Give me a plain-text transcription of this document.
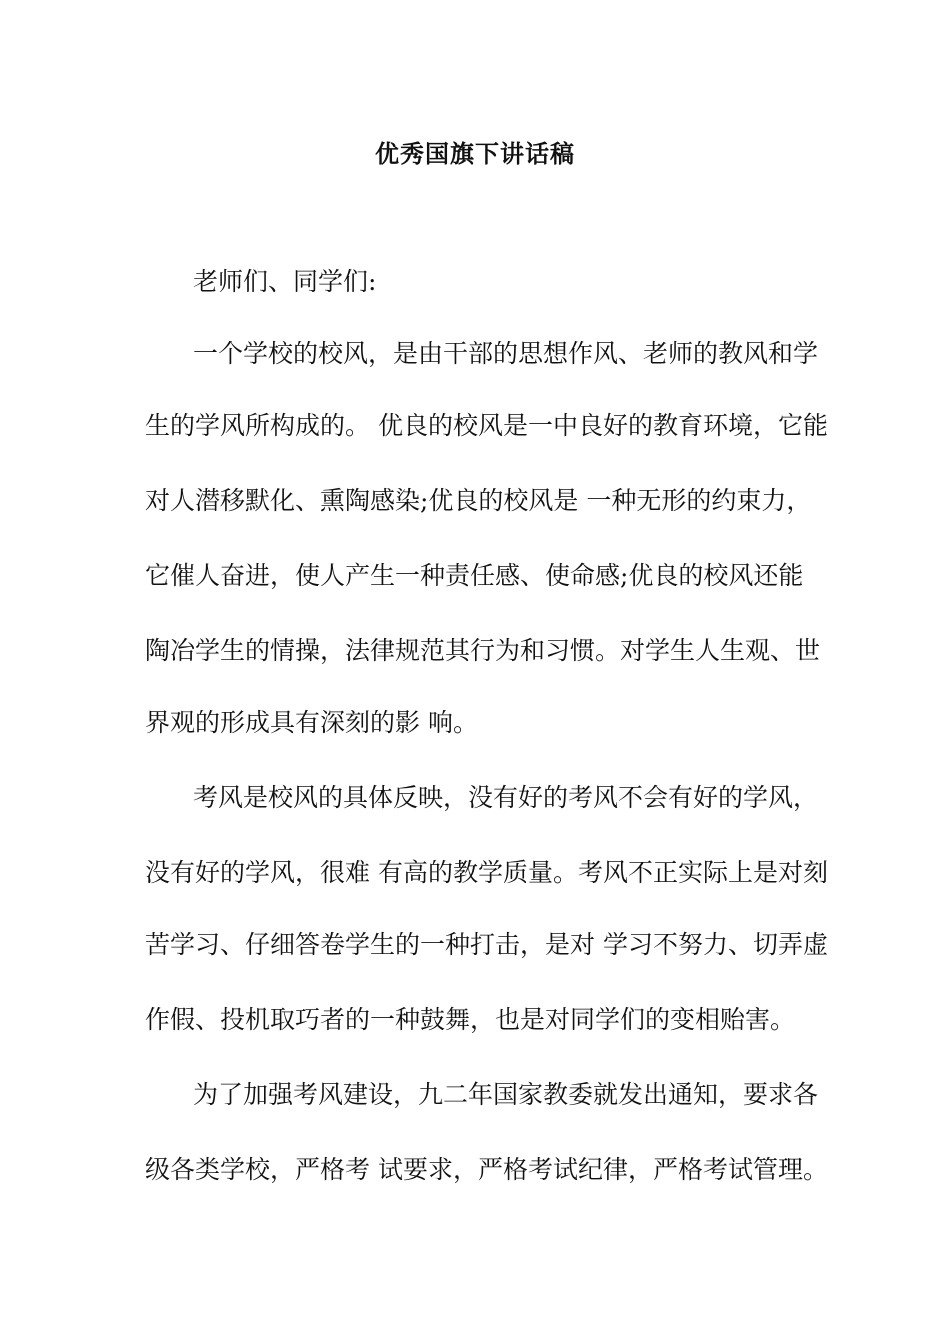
优秀国旗下讲话稿

老师们、同学们:

一个学校的校风，是由干部的思想作风、老师的教风和学

生的学风所构成的。 优良的校风是一中良好的教育环境，它能

对人潜移默化、熏陶感染;优良的校风是 一种无形的约束力，

它催人奋进，使人产生一种责任感、使命感;优良的校风还能

陶冶学生的情操，法律规范其行为和习惯。对学生人生观、世

界观的形成具有深刻的影 响。

考风是校风的具体反映，没有好的考风不会有好的学风，

没有好的学风，很难 有高的教学质量。考风不正实际上是对刻

苦学习、仔细答卷学生的一种打击，是对 学习不努力、切弄虚

作假、投机取巧者的一种鼓舞，也是对同学们的变相贻害。

为了加强考风建设，九二年国家教委就发出通知，要求各

级各类学校，严格考 试要求，严格考试纪律，严格考试管理。
